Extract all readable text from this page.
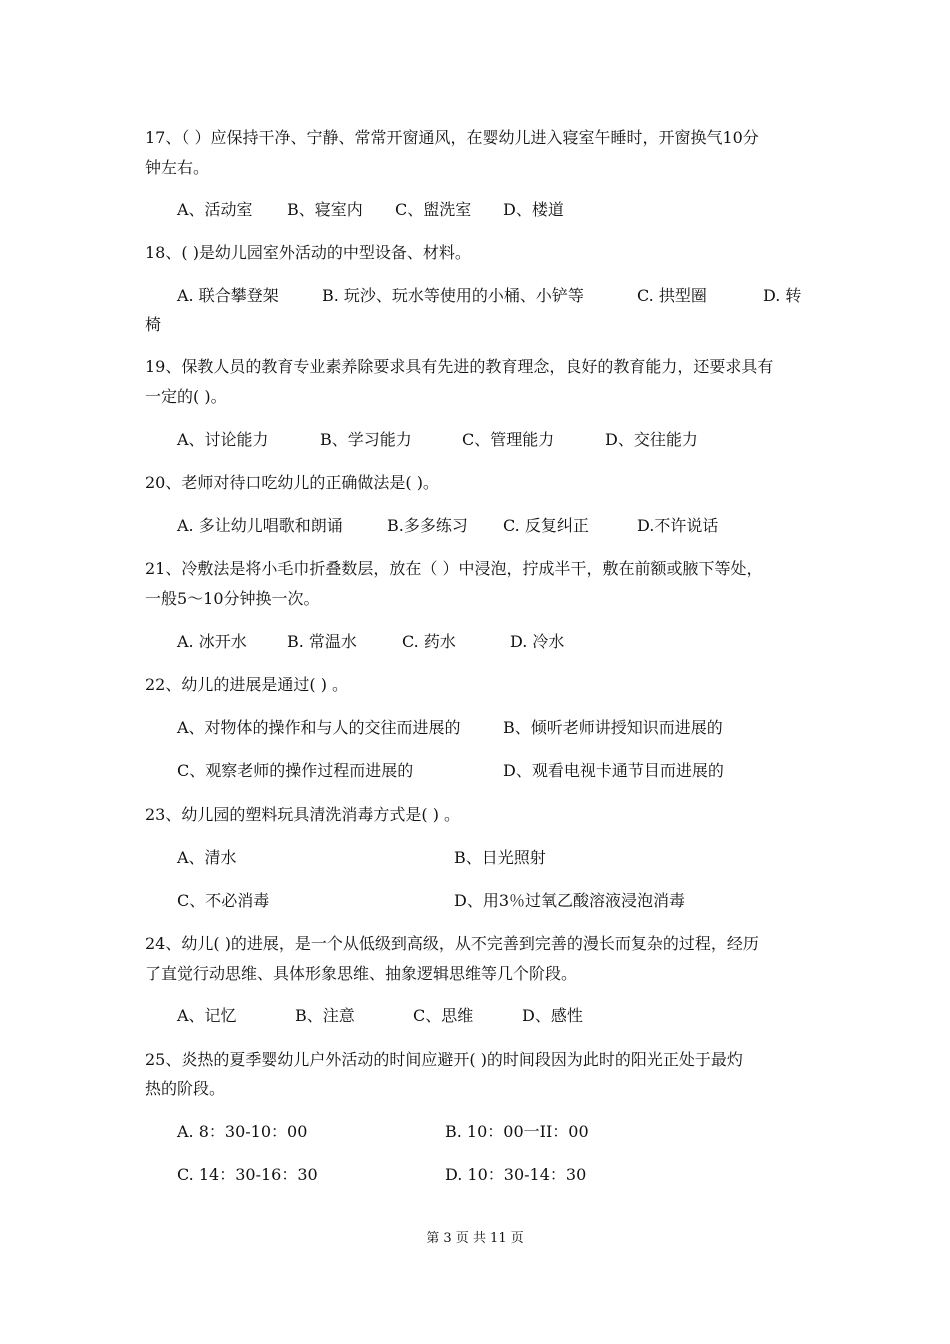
17、（ ）应保持干净、宁静、常常开窗通风，在婴幼儿进入寝室午睡时，开窗换气10分
钟左右。
A、活动室 B、寝室内 C、盥洗室 D、楼道
18、( )是幼儿园室外活动的中型设备、材料。
A. 联合攀登架	B. 玩沙、玩水等使用的小桶、小铲等	C. 拱型圈	D. 转
椅
19、保教人员的教育专业素养除要求具有先进的教育理念，良好的教育能力，还要求具有
一定的( )。
A、讨论能力	B、学习能力	C、管理能力	D、交往能力
20、老师对待口吃幼儿的正确做法是( )。
A. 多让幼儿唱歌和朗诵	B.多多练习 C. 反复纠正	D.不许说话
21、冷敷法是将小毛巾折叠数层，放在（ ）中浸泡，拧成半干，敷在前额或腋下等处，
一般5～10分钟换一次。
A. 冰开水	B. 常温水	C. 药水	D. 冷水
22、幼儿的进展是通过( ) 。
A、对物体的操作和与人的交往而进展的	B、倾听老师讲授知识而进展的
C、观察老师的操作过程而进展的	D、观看电视卡通节目而进展的
23、幼儿园的塑料玩具清洗消毒方式是( ) 。
A、清水	B、日光照射
C、不必消毒	D、用3％过氧乙酸溶液浸泡消毒
24、幼儿( )的进展，是一个从低级到高级，从不完善到完善的漫长而复杂的过程，经历
了直觉行动思维、具体形象思维、抽象逻辑思维等几个阶段。
A、记忆	B、注意	C、思维	D、感性
25、炎热的夏季婴幼儿户外活动的时间应避开( )的时间段因为此时的阳光正处于最灼
热的阶段。
A. 8：30-10：00	B. 10：00一II：00
C. 14：30-16：30	D. 10：30-14：30
第 3 页 共 11 页
